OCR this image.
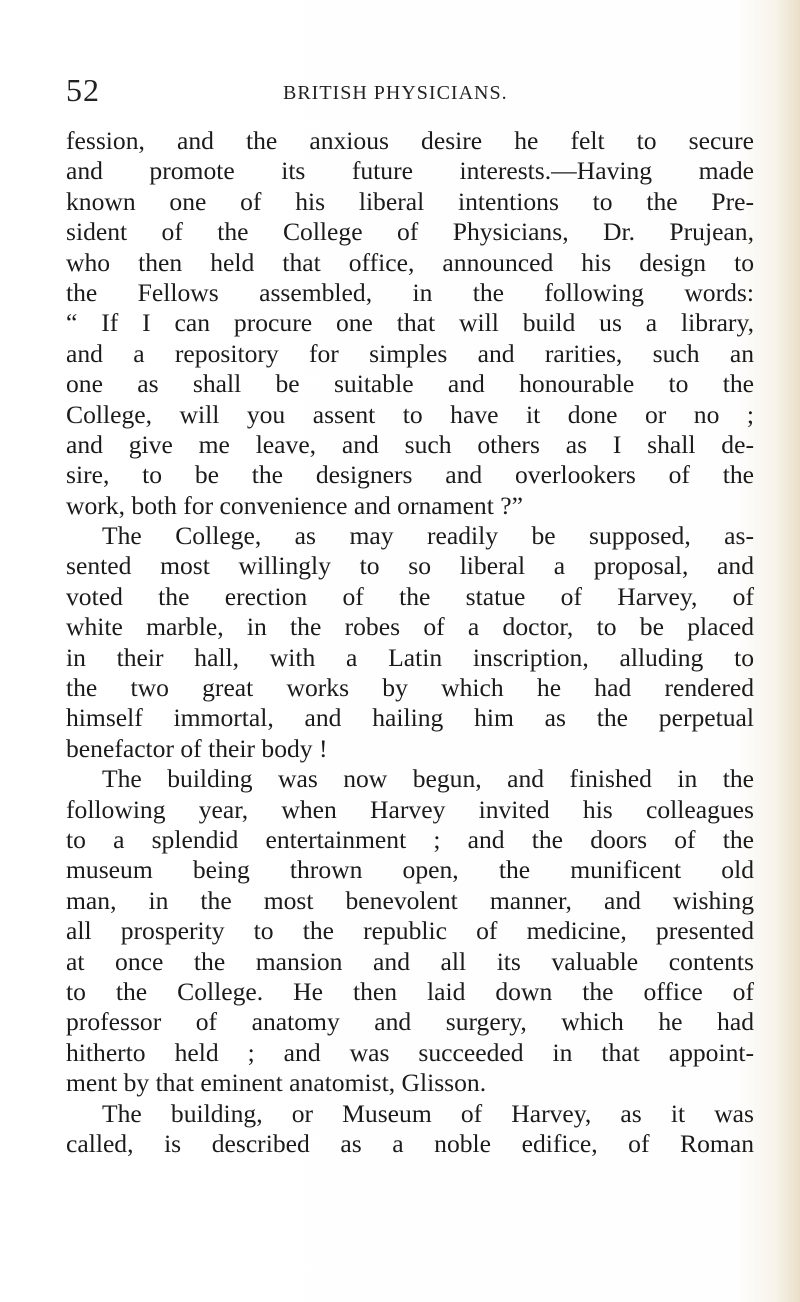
52	BRITISH PHYSICIANS.
fession, and the anxious desire he felt to secure
and promote its future interests.—Having made
known one of his liberal intentions to the Pre-
sident of the College of Physicians, Dr. Prujean,
who then held that office, announced his design to
the Fellows assembled, in the following words:
“ If I can procure one that will build us a library,
and a repository for simples and rarities, such an
one as shall be suitable and honourable to the
College, will you assent to have it done or no ;
and give me leave, and such others as I shall de-
sire, to be the designers and overlookers of the
work, both for convenience and ornament ?”
The College, as may readily be supposed, as-
sented most willingly to so liberal a proposal, and
voted the erection of the statue of Harvey, of
white marble, in the robes of a doctor, to be placed
in their hall, with a Latin inscription, alluding to
the two great works by which he had rendered
himself immortal, and hailing him as the perpetual
benefactor of their body !
The building was now begun, and finished in the
following year, when Harvey invited his colleagues
to a splendid entertainment ; and the doors of the
museum being thrown open, the munificent old
man, in the most benevolent manner, and wishing
all prosperity to the republic of medicine, presented
at once the mansion and all its valuable contents
to the College. He then laid down the office of
professor of anatomy and surgery, which he had
hitherto held ; and was succeeded in that appoint-
ment by that eminent anatomist, Glisson.
The building, or Museum of Harvey, as it was
called, is described as a noble edifice, of Roman
